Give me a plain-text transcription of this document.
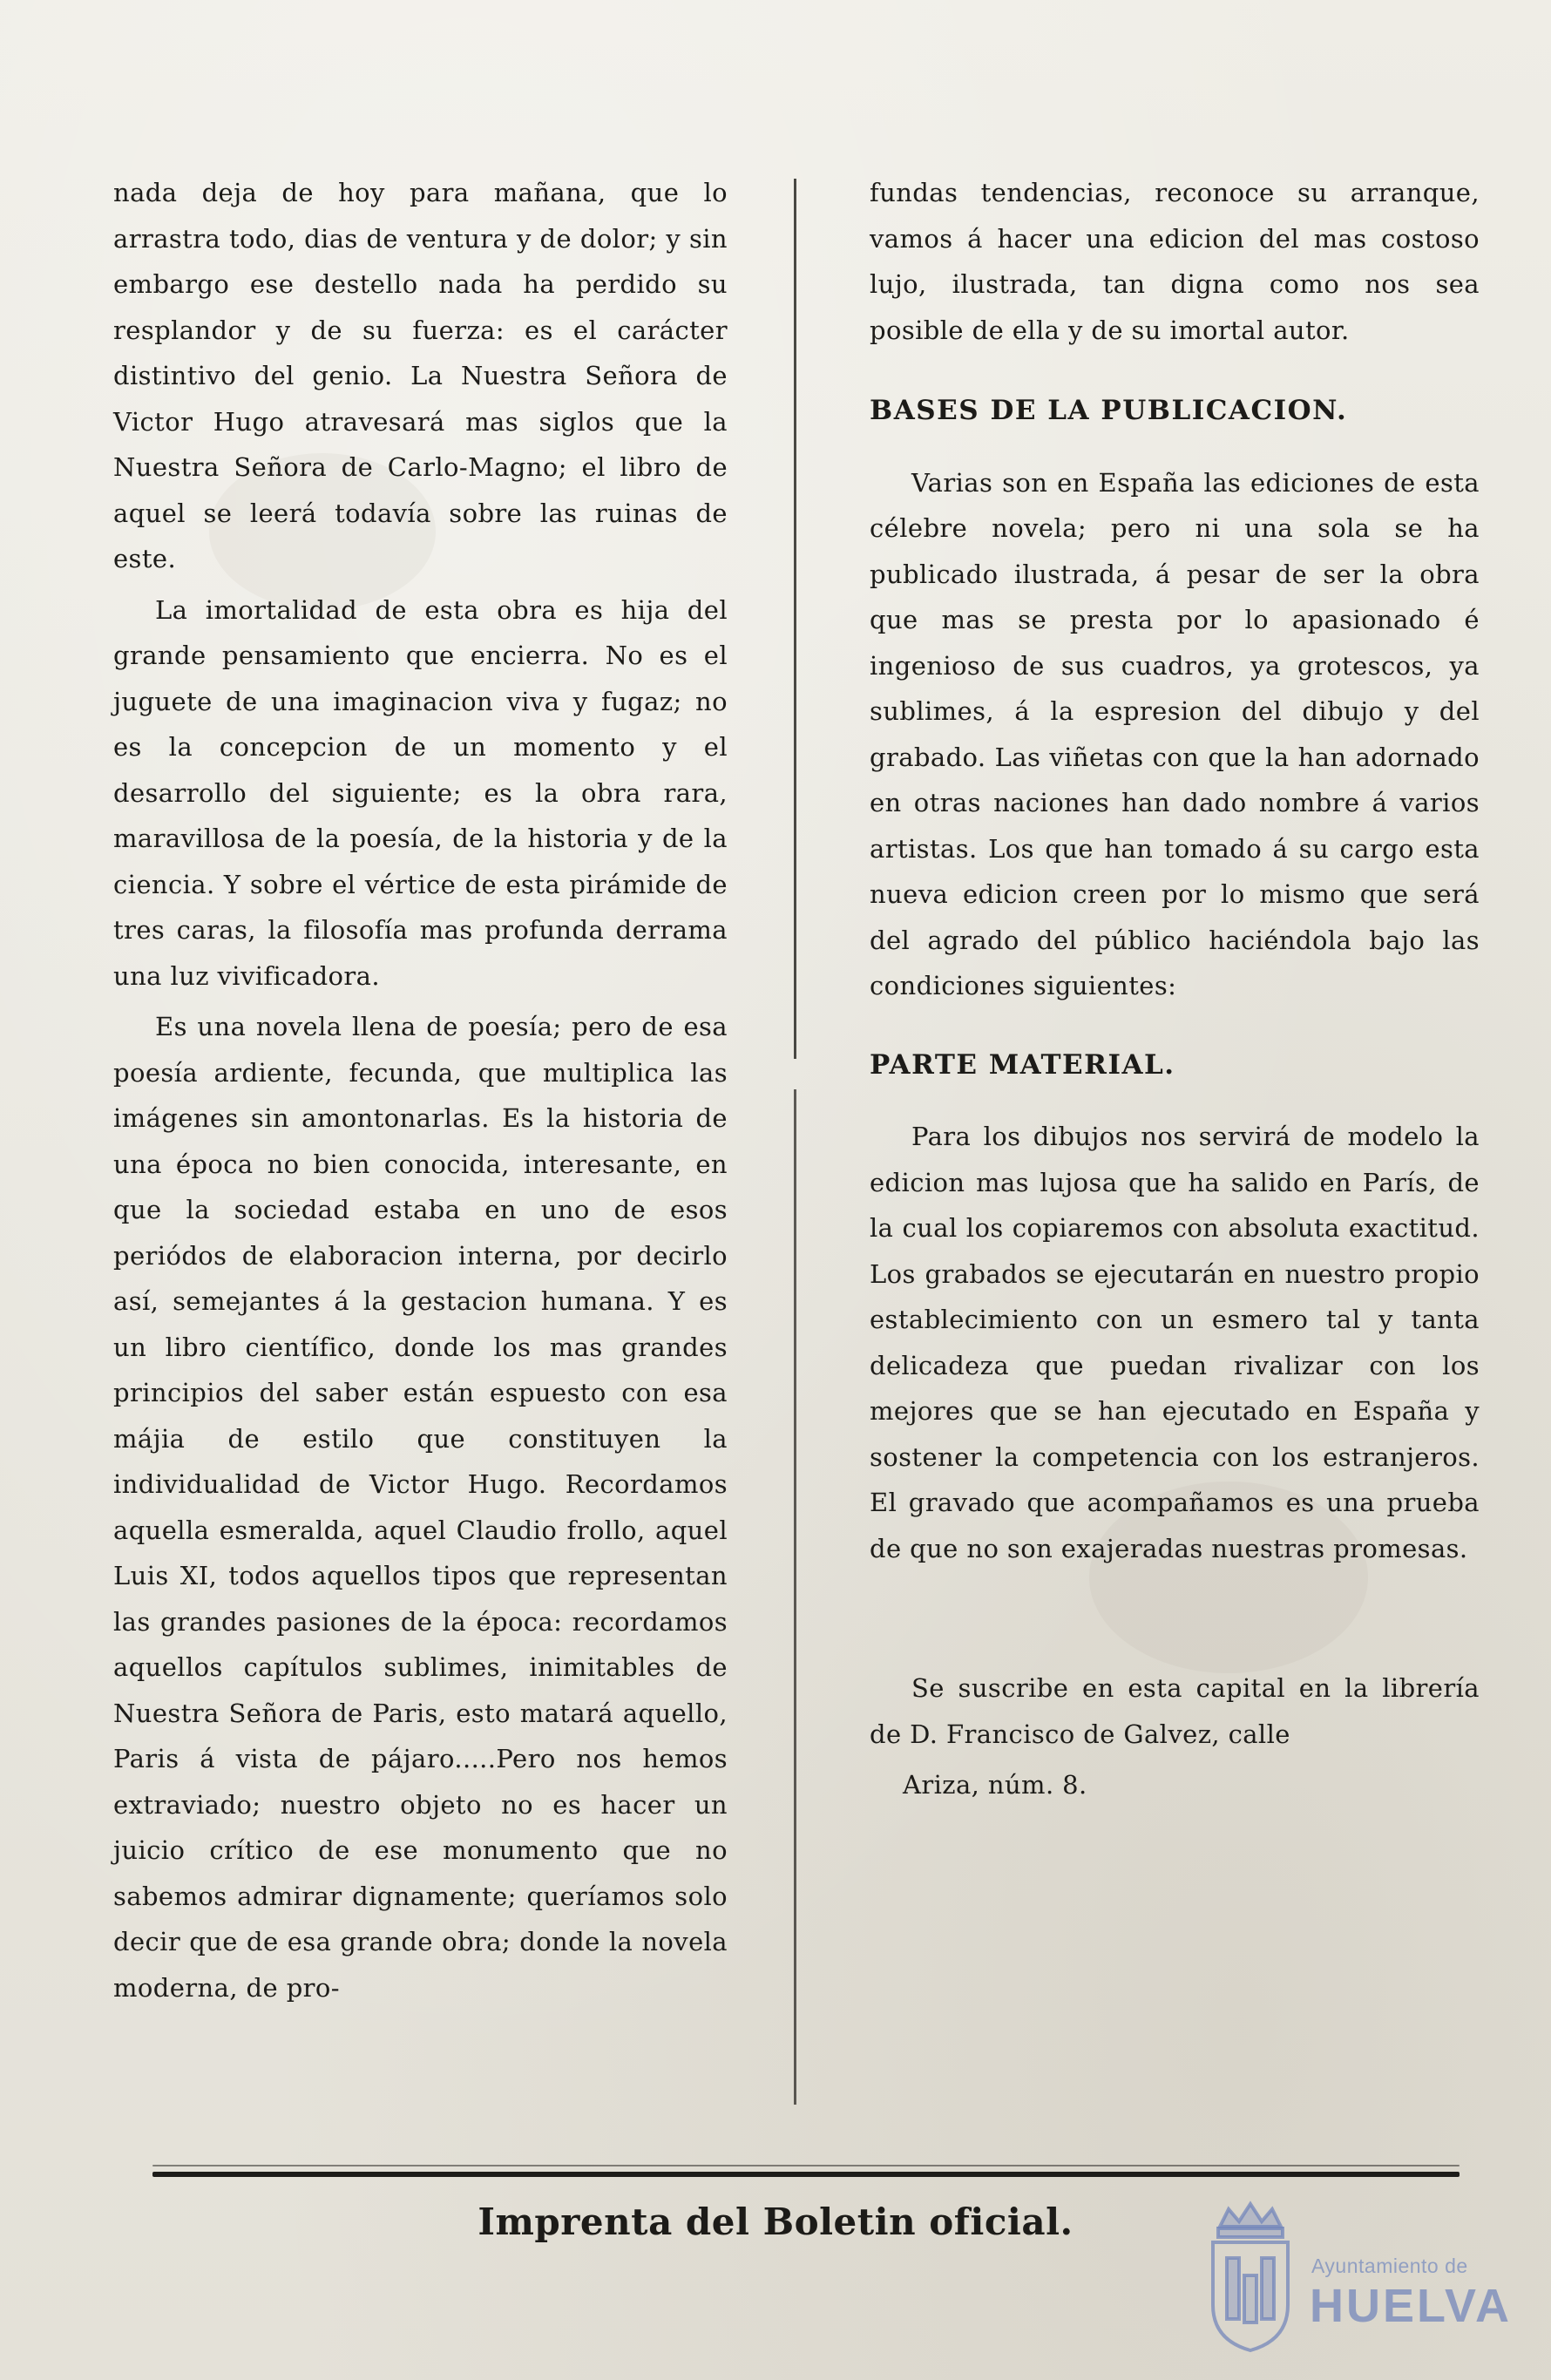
nada deja de hoy para mañana, que lo arrastra todo, dias de ventura y de dolor; y sin embargo ese destello nada ha perdido su resplandor y de su fuerza: es el carácter distintivo del genio. La Nuestra Señora de Victor Hugo atravesará mas siglos que la Nuestra Señora de Carlo-Magno; el libro de aquel se leerá todavía sobre las ruinas de este.

La imortalidad de esta obra es hija del grande pensamiento que encierra. No es el juguete de una imaginacion viva y fugaz; no es la concepcion de un momento y el desarrollo del siguiente; es la obra rara, maravillosa de la poesía, de la historia y de la ciencia. Y sobre el vértice de esta pirámide de tres caras, la filosofía mas profunda derrama una luz vivificadora.

Es una novela llena de poesía; pero de esa poesía ardiente, fecunda, que multiplica las imágenes sin amontonarlas. Es la historia de una época no bien conocida, interesante, en que la sociedad estaba en uno de esos periódos de elaboracion interna, por decirlo así, semejantes á la gestacion humana. Y es un libro científico, donde los mas grandes principios del saber están espuesto con esa májia de estilo que constituyen la individualidad de Victor Hugo. Recordamos aquella esmeralda, aquel Claudio frollo, aquel Luis XI, todos aquellos tipos que representan las grandes pasiones de la época: recordamos aquellos capítulos sublimes, inimitables de Nuestra Señora de Paris, esto matará aquello, Paris á vista de pájaro.....Pero nos hemos extraviado; nuestro objeto no es hacer un juicio crítico de ese monumento que no sabemos admirar dignamente; queríamos solo decir que de esa grande obra; donde la novela moderna, de pro-

fundas tendencias, reconoce su arranque, vamos á hacer una edicion del mas costoso lujo, ilustrada, tan digna como nos sea posible de ella y de su imortal autor.

BASES DE LA PUBLICACION.

Varias son en España las ediciones de esta célebre novela; pero ni una sola se ha publicado ilustrada, á pesar de ser la obra que mas se presta por lo apasionado é ingenioso de sus cuadros, ya grotescos, ya sublimes, á la espresion del dibujo y del grabado. Las viñetas con que la han adornado en otras naciones han dado nombre á varios artistas. Los que han tomado á su cargo esta nueva edicion creen por lo mismo que será del agrado del público haciéndola bajo las condiciones siguientes:

PARTE MATERIAL.

Para los dibujos nos servirá de modelo la edicion mas lujosa que ha salido en París, de la cual los copiaremos con absoluta exactitud. Los grabados se ejecutarán en nuestro propio establecimiento con un esmero tal y tanta delicadeza que puedan rivalizar con los mejores que se han ejecutado en España y sostener la competencia con los estranjeros. El gravado que acompañamos es una prueba de que no son exajeradas nuestras promesas.

Se suscribe en esta capital en la librería de D. Francisco de Galvez, calle

Ariza, núm. 8.

Imprenta del Boletin oficial.
Ayuntamiento de
HUELVA
